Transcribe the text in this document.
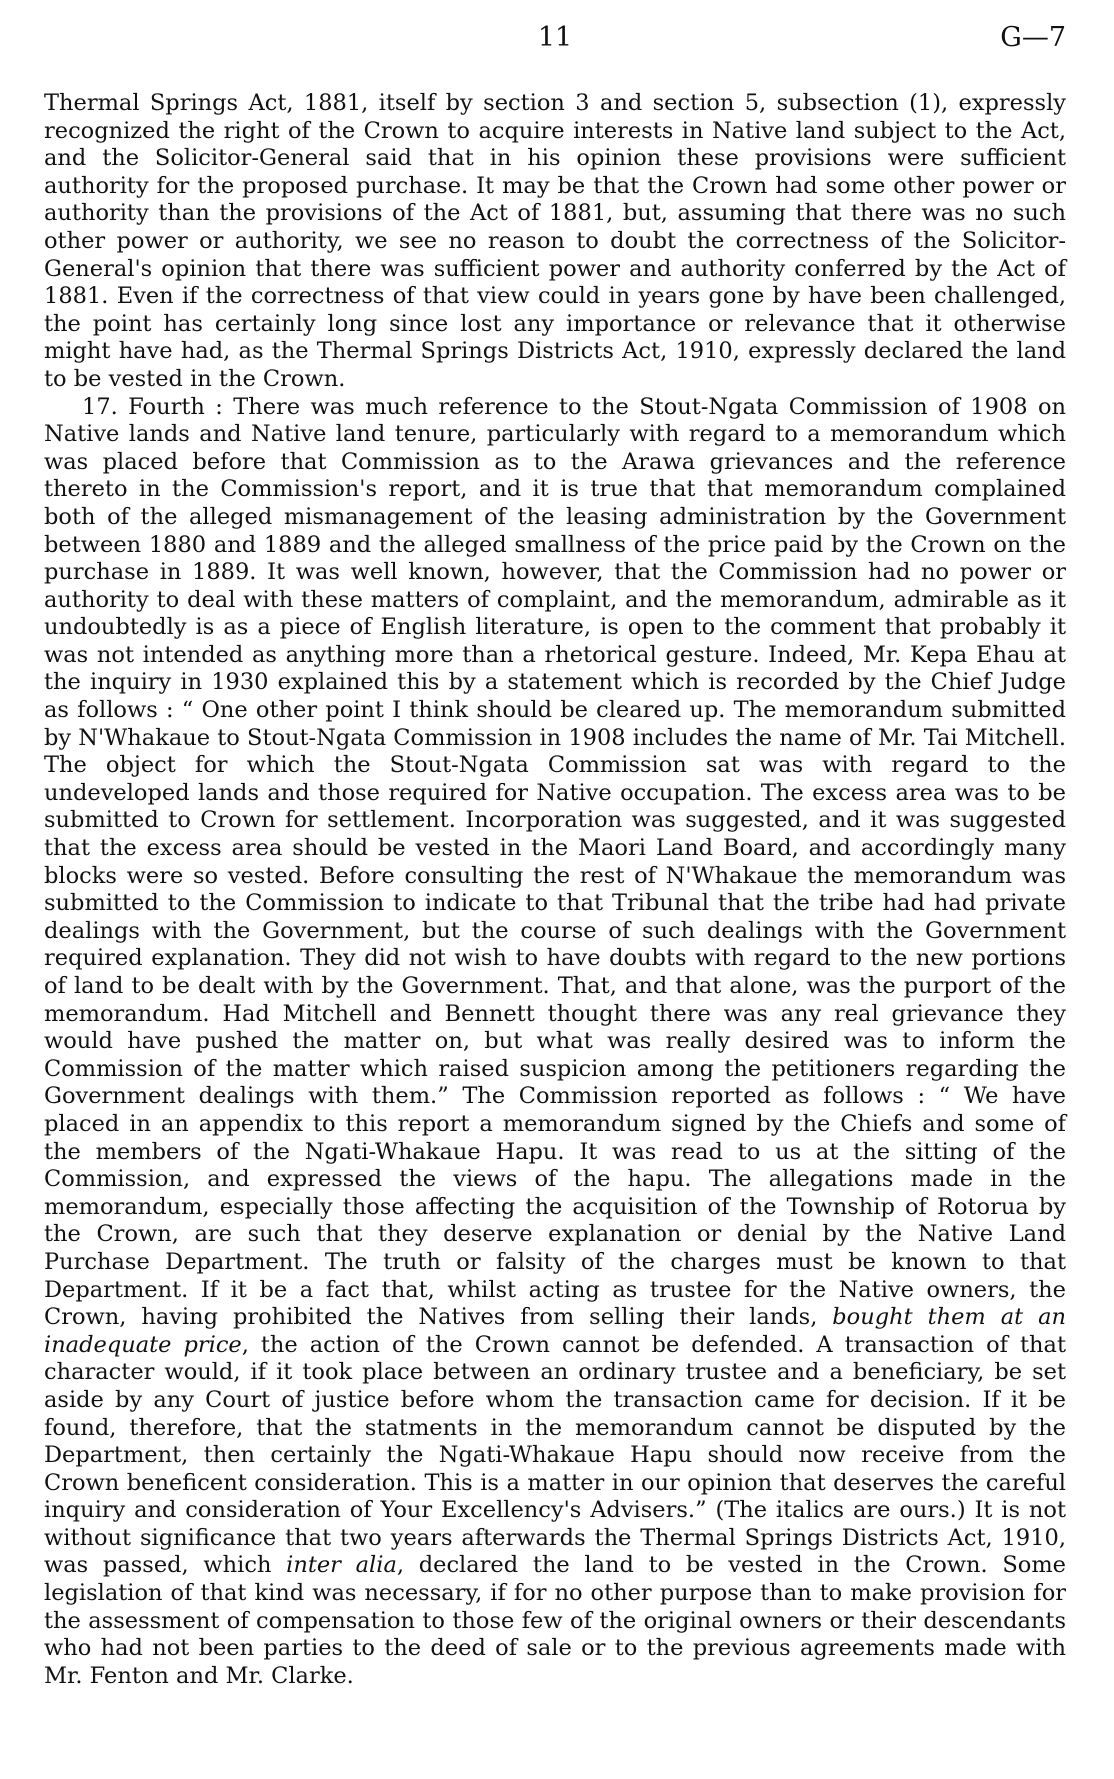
11	G—7

Thermal Springs Act, 1881, itself by section 3 and section 5, subsection (1), expressly recognized the right of the Crown to acquire interests in Native land subject to the Act, and the Solicitor-General said that in his opinion these provisions were sufficient authority for the proposed purchase. It may be that the Crown had some other power or authority than the provisions of the Act of 1881, but, assuming that there was no such other power or authority, we see no reason to doubt the correctness of the Solicitor-General's opinion that there was sufficient power and authority conferred by the Act of 1881. Even if the correctness of that view could in years gone by have been challenged, the point has certainly long since lost any importance or relevance that it otherwise might have had, as the Thermal Springs Districts Act, 1910, expressly declared the land to be vested in the Crown.

17. Fourth : There was much reference to the Stout-Ngata Commission of 1908 on Native lands and Native land tenure, particularly with regard to a memorandum which was placed before that Commission as to the Arawa grievances and the reference thereto in the Commission's report, and it is true that that memorandum complained both of the alleged mismanagement of the leasing administration by the Government between 1880 and 1889 and the alleged smallness of the price paid by the Crown on the purchase in 1889. It was well known, however, that the Commission had no power or authority to deal with these matters of complaint, and the memorandum, admirable as it undoubtedly is as a piece of English literature, is open to the comment that probably it was not intended as anything more than a rhetorical gesture. Indeed, Mr. Kepa Ehau at the inquiry in 1930 explained this by a statement which is recorded by the Chief Judge as follows : “ One other point I think should be cleared up. The memorandum submitted by N'Whakaue to Stout-Ngata Commission in 1908 includes the name of Mr. Tai Mitchell. The object for which the Stout-Ngata Commission sat was with regard to the undeveloped lands and those required for Native occupation. The excess area was to be submitted to Crown for settlement. Incorporation was suggested, and it was suggested that the excess area should be vested in the Maori Land Board, and accordingly many blocks were so vested. Before consulting the rest of N'Whakaue the memorandum was submitted to the Commission to indicate to that Tribunal that the tribe had had private dealings with the Government, but the course of such dealings with the Government required explanation. They did not wish to have doubts with regard to the new portions of land to be dealt with by the Government. That, and that alone, was the purport of the memorandum. Had Mitchell and Bennett thought there was any real grievance they would have pushed the matter on, but what was really desired was to inform the Commission of the matter which raised suspicion among the petitioners regarding the Government dealings with them.” The Commission reported as follows : “ We have placed in an appendix to this report a memorandum signed by the Chiefs and some of the members of the Ngati-Whakaue Hapu. It was read to us at the sitting of the Commission, and expressed the views of the hapu. The allegations made in the memorandum, especially those affecting the acquisition of the Township of Rotorua by the Crown, are such that they deserve explanation or denial by the Native Land Purchase Department. The truth or falsity of the charges must be known to that Department. If it be a fact that, whilst acting as trustee for the Native owners, the Crown, having prohibited the Natives from selling their lands, bought them at an inadequate price, the action of the Crown cannot be defended. A transaction of that character would, if it took place between an ordinary trustee and a beneficiary, be set aside by any Court of justice before whom the transaction came for decision. If it be found, therefore, that the statments in the memorandum cannot be disputed by the Department, then certainly the Ngati-Whakaue Hapu should now receive from the Crown beneficent consideration. This is a matter in our opinion that deserves the careful inquiry and consideration of Your Excellency's Advisers.” (The italics are ours.) It is not without significance that two years afterwards the Thermal Springs Districts Act, 1910, was passed, which inter alia, declared the land to be vested in the Crown. Some legislation of that kind was necessary, if for no other purpose than to make provision for the assessment of compensation to those few of the original owners or their descendants who had not been parties to the deed of sale or to the previous agreements made with Mr. Fenton and Mr. Clarke.
